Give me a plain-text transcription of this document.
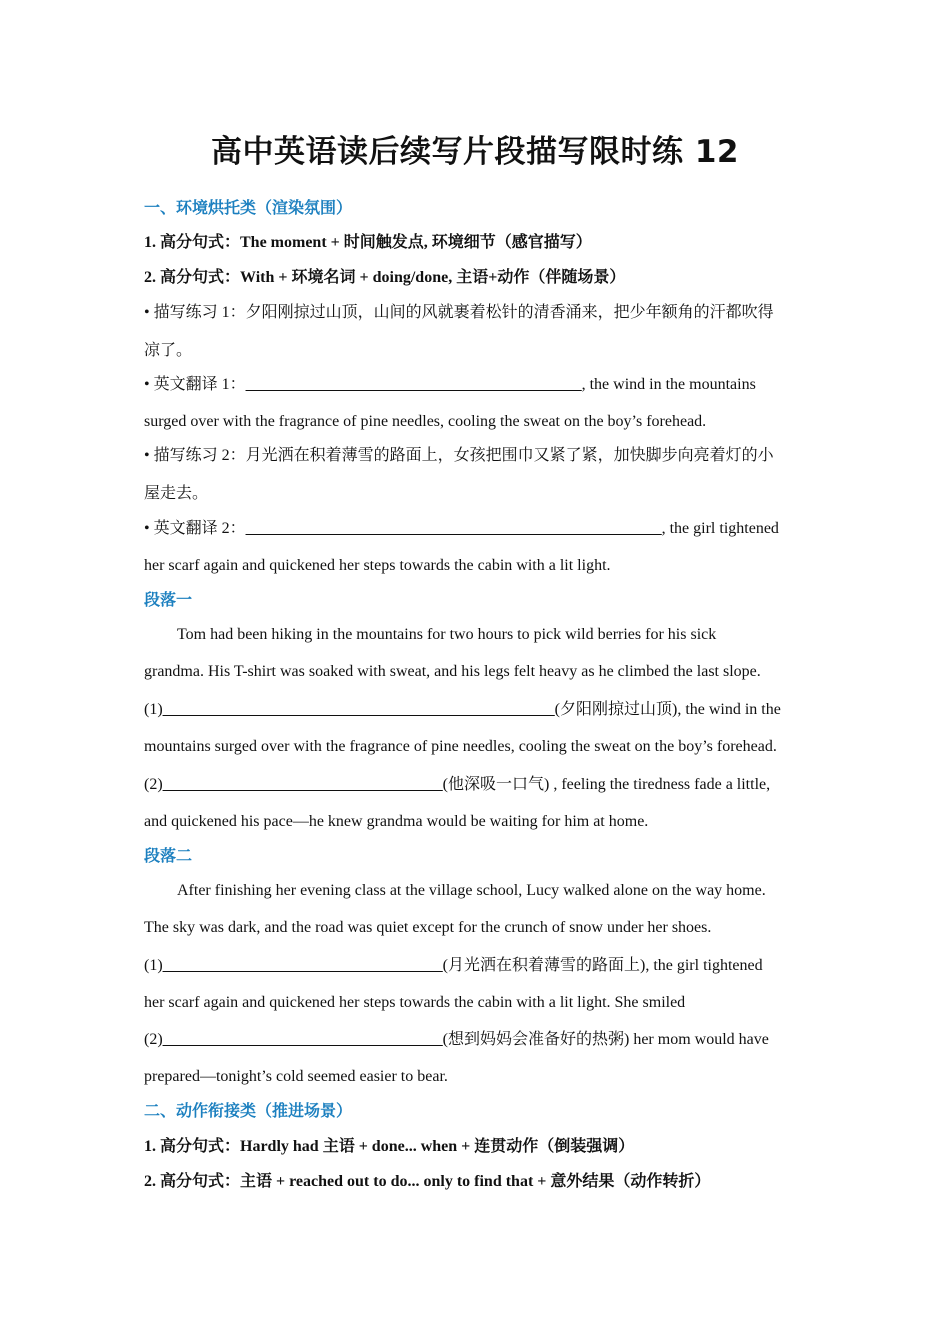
高中英语读后续写片段描写限时练 12
一、环境烘托类（渲染氛围）
1. 高分句式：The moment + 时间触发点, 环境细节（感官描写）
2. 高分句式：With + 环境名词 + doing/done, 主语+动作（伴随场景）
• 描写练习 1：夕阳刚掠过山顶，山间的风就裹着松针的清香涌来，把少年额角的汗都吹得
凉了。
• 英文翻译 1：__________________________________________, the wind in the mountains
surged over with the fragrance of pine needles, cooling the sweat on the boy’s forehead.
• 描写练习 2：月光洒在积着薄雪的路面上，女孩把围巾又紧了紧，加快脚步向亮着灯的小
屋走去。
• 英文翻译 2：____________________________________________________, the girl tightened
her scarf again and quickened her steps towards the cabin with a lit light.
段落一
Tom had been hiking in the mountains for two hours to pick wild berries for his sick
grandma. His T-shirt was soaked with sweat, and his legs felt heavy as he climbed the last slope.
(1)_________________________________________________(夕阳刚掠过山顶), the wind in the
mountains surged over with the fragrance of pine needles, cooling the sweat on the boy’s forehead.
(2)___________________________________(他深吸一口气) , feeling the tiredness fade a little,
and quickened his pace—he knew grandma would be waiting for him at home.
段落二
After finishing her evening class at the village school, Lucy walked alone on the way home.
The sky was dark, and the road was quiet except for the crunch of snow under her shoes.
(1)___________________________________(月光洒在积着薄雪的路面上), the girl tightened
her scarf again and quickened her steps towards the cabin with a lit light. She smiled
(2)___________________________________(想到妈妈会准备好的热粥) her mom would have
prepared—tonight’s cold seemed easier to bear.
二、动作衔接类（推进场景）
1. 高分句式：Hardly had 主语 + done... when + 连贯动作（倒装强调）
2. 高分句式：主语 + reached out to do... only to find that + 意外结果（动作转折）
